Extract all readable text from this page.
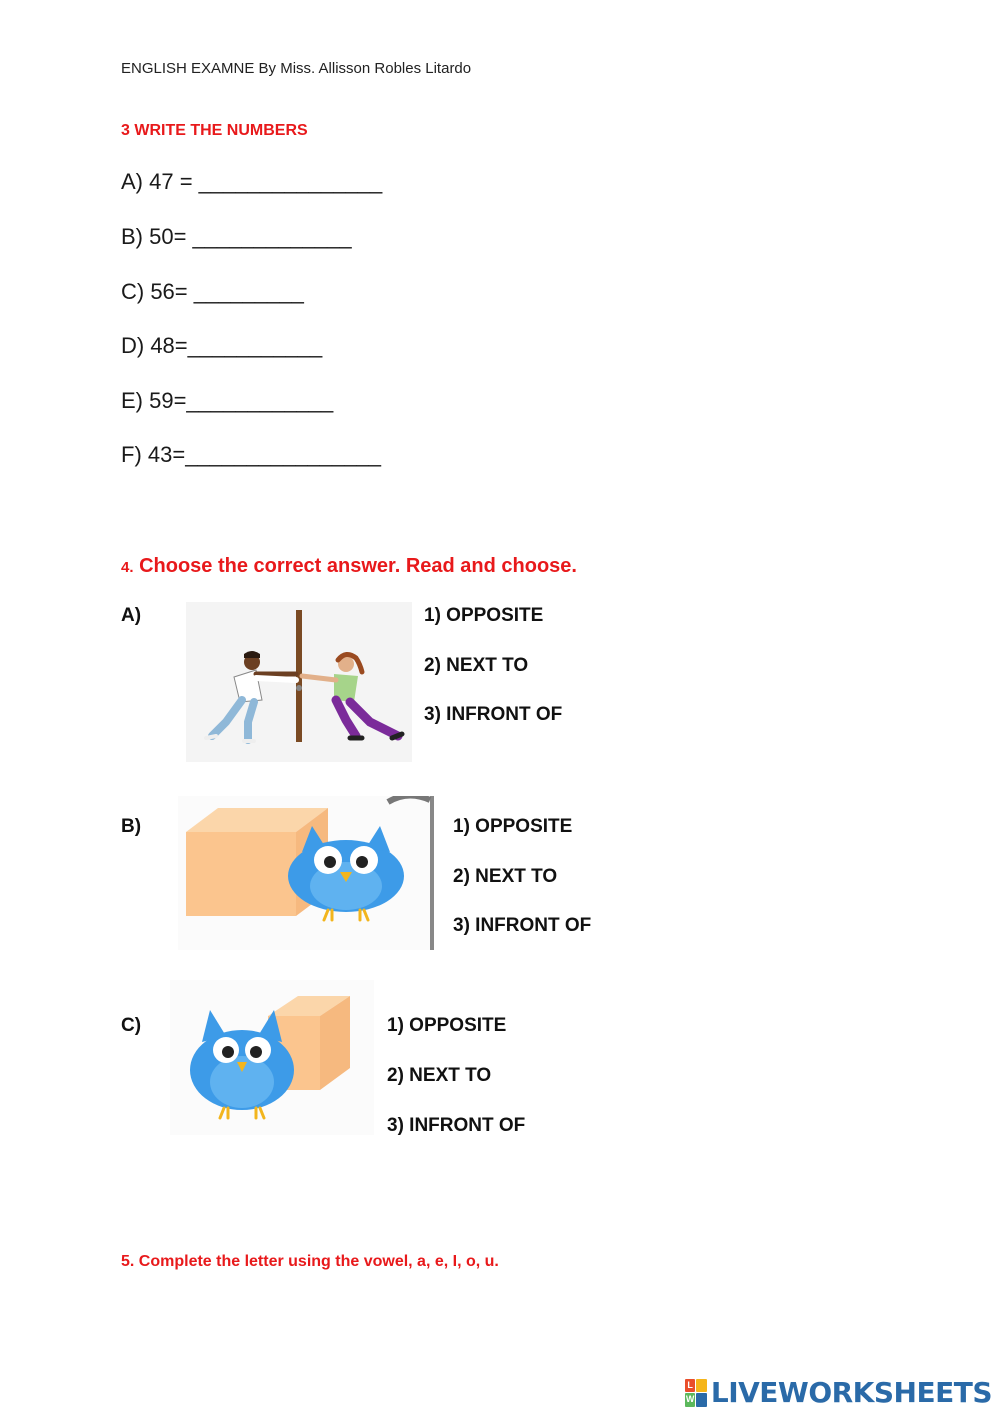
ENGLISH EXAMNE By Miss. Allisson Robles Litardo
3 WRITE THE NUMBERS
A) 47 = _______________
B) 50= _____________
C) 56= _________
D) 48=___________
E) 59=____________
F) 43=________________
4. Choose the correct answer. Read and choose.
A)	1) OPPOSITE
2) NEXT TO
3) INFRONT OF
B)	1) OPPOSITE
2) NEXT TO
3) INFRONT OF
C)	1) OPPOSITE
2) NEXT TO
3) INFRONT OF
5. Complete the letter using the vowel, a, e, I, o, u.
L
W LIVEWORKSHEETS
